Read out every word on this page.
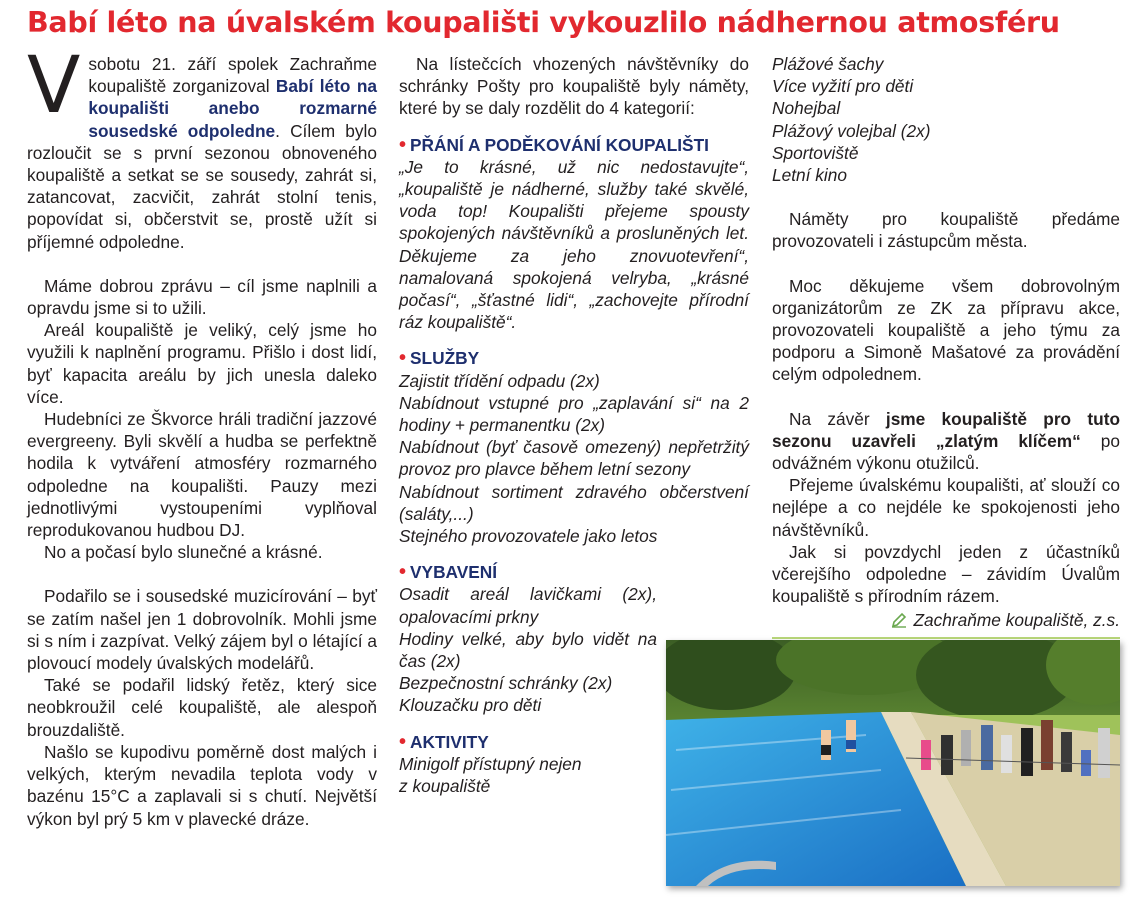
Babí léto na úvalském koupališti vykouzlilo nádhernou atmosféru

V sobotu 21. září spolek Zachraňme koupaliště zorganizoval Babí léto na koupališti anebo rozmarné sousedské odpoledne. Cílem bylo rozloučit se s první sezonou obnoveného koupaliště a setkat se se sousedy, zahrát si, zatancovat, zacvičit, zahrát stolní tenis, popovídat si, občerstvit se, prostě užít si příjemné odpoledne.

Máme dobrou zprávu – cíl jsme naplnili a opravdu jsme si to užili.

Areál koupaliště je veliký, celý jsme ho využili k naplnění programu. Přišlo i dost lidí, byť kapacita areálu by jich unesla daleko více.

Hudebníci ze Škvorce hráli tradiční jazzové evergreeny. Byli skvělí a hudba se perfektně hodila k vytváření atmosféry rozmarného odpoledne na koupališti. Pauzy mezi jednotlivými vystoupeními vyplňoval reprodukovanou hudbou DJ.

No a počasí bylo slunečné a krásné.

Podařilo se i sousedské muzicírování – byť se zatím našel jen 1 dobrovolník. Mohli jsme si s ním i zazpívat. Velký zájem byl o létající a plovoucí modely úvalských modelářů.

Také se podařil lidský řetěz, který sice neobkroužil celé koupaliště, ale alespoň brouzdaliště.

Našlo se kupodivu poměrně dost malých i velkých, kterým nevadila teplota vody v bazénu 15°C a zaplavali si s chutí. Největší výkon byl prý 5 km v plavecké dráze.

Na lístečcích vhozených návštěvníky do schránky Pošty pro koupaliště byly náměty, které by se daly rozdělit do 4 kategorií:

• PŘÁNÍ A PODĚKOVÁNÍ KOUPALIŠTI

„Je to krásné, už nic nedostavujte“, „koupaliště je nádherné, služby také skvělé, voda top! Koupališti přejeme spousty spokojených návštěvníků a prosluněných let. Děkujeme za jeho znovuotevření“, namalovaná spokojená velryba, „krásné počasí“, „šťastné lidi“, „zachovejte přírodní ráz koupaliště“.

• SLUŽBY

Zajistit třídění odpadu (2x)

Nabídnout vstupné pro „zaplavání si“ na 2 hodiny + permanentku (2x)

Nabídnout (byť časově omezený) nepřetržitý provoz pro plavce během letní sezony

Nabídnout sortiment zdravého občerstvení (saláty,...)

Stejného provozovatele jako letos

• VYBAVENÍ

Osadit areál lavičkami (2x), opalovacími prkny

Hodiny velké, aby bylo vidět na čas (2x)

Bezpečnostní schránky (2x)

Klouzačku pro děti

• AKTIVITY

Minigolf přístupný nejen

z koupaliště

Plážové šachy

Více vyžití pro děti

Nohejbal

Plážový volejbal (2x)

Sportoviště

Letní kino

Náměty pro koupaliště předáme provozovateli i zástupcům města.

Moc děkujeme všem dobrovolným organizátorům ze ZK za přípravu akce, provozovateli koupaliště a jeho týmu za podporu a Simoně Mašatové za provádění celým odpolednem.

Na závěr jsme koupaliště pro tuto sezonu uzavřeli „zlatým klíčem“ po odvážném výkonu otužilců.

Přejeme úvalskému koupališti, ať slouží co nejlépe a co nejdéle ke spokojenosti jeho návštěvníků.

Jak si povzdychl jeden z účastníků včerejšího odpoledne – závidím Úvalům koupaliště s přírodním rázem.

Zachraňme koupaliště, z.s.
